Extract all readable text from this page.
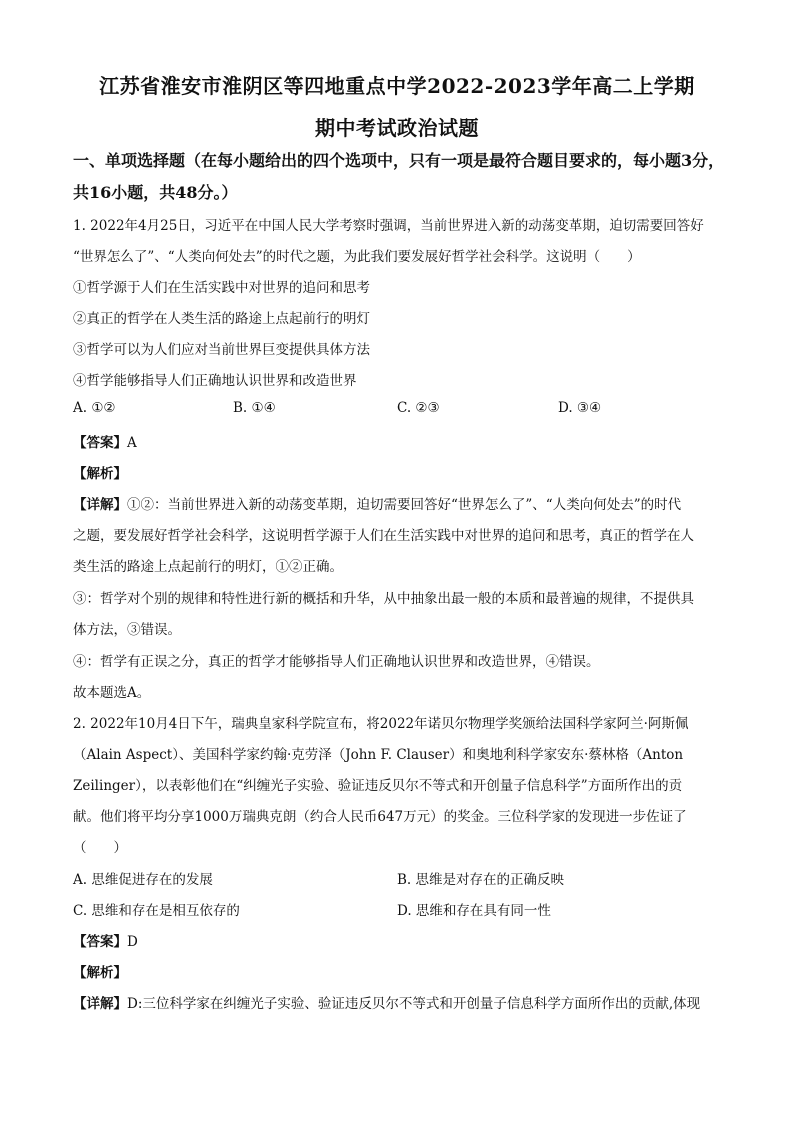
江苏省淮安市淮阴区等四地重点中学2022-2023学年高二上学期
期中考试政治试题
一、单项选择题（在每小题给出的四个选项中，只有一项是最符合题目要求的，每小题3分，
共16小题，共48分。）
1. 2022年4月25日，习近平在中国人民大学考察时强调，当前世界进入新的动荡变革期，迫切需要回答好
“世界怎么了”、“人类向何处去”的时代之题，为此我们要发展好哲学社会科学。这说明（　　）
①哲学源于人们在生活实践中对世界的追问和思考
②真正的哲学在人类生活的路途上点起前行的明灯
③哲学可以为人们应对当前世界巨变提供具体方法
④哲学能够指导人们正确地认识世界和改造世界
A. ①②	B. ①④	C. ②③	D. ③④
【答案】A
【解析】
【详解】①②：当前世界进入新的动荡变革期，迫切需要回答好“世界怎么了”、“人类向何处去”的时代
之题，要发展好哲学社会科学，这说明哲学源于人们在生活实践中对世界的追问和思考，真正的哲学在人
类生活的路途上点起前行的明灯，①②正确。
③：哲学对个别的规律和特性进行新的概括和升华，从中抽象出最一般的本质和最普遍的规律，不提供具
体方法，③错误。
④：哲学有正误之分，真正的哲学才能够指导人们正确地认识世界和改造世界，④错误。
故本题选A。
2. 2022年10月4日下午，瑞典皇家科学院宣布，将2022年诺贝尔物理学奖颁给法国科学家阿兰·阿斯佩
（Alain Aspect）、美国科学家约翰·克劳泽（John F. Clauser）和奥地利科学家安东·蔡林格（Anton
Zeilinger），以表彰他们在“纠缠光子实验、验证违反贝尔不等式和开创量子信息科学”方面所作出的贡
献。他们将平均分享1000万瑞典克朗（约合人民币647万元）的奖金。三位科学家的发现进一步佐证了
（　　）
A. 思维促进存在的发展	B. 思维是对存在的正确反映
C. 思维和存在是相互依存的	D. 思维和存在具有同一性
【答案】D
【解析】
【详解】D:三位科学家在纠缠光子实验、验证违反贝尔不等式和开创量子信息科学方面所作出的贡献,体现
